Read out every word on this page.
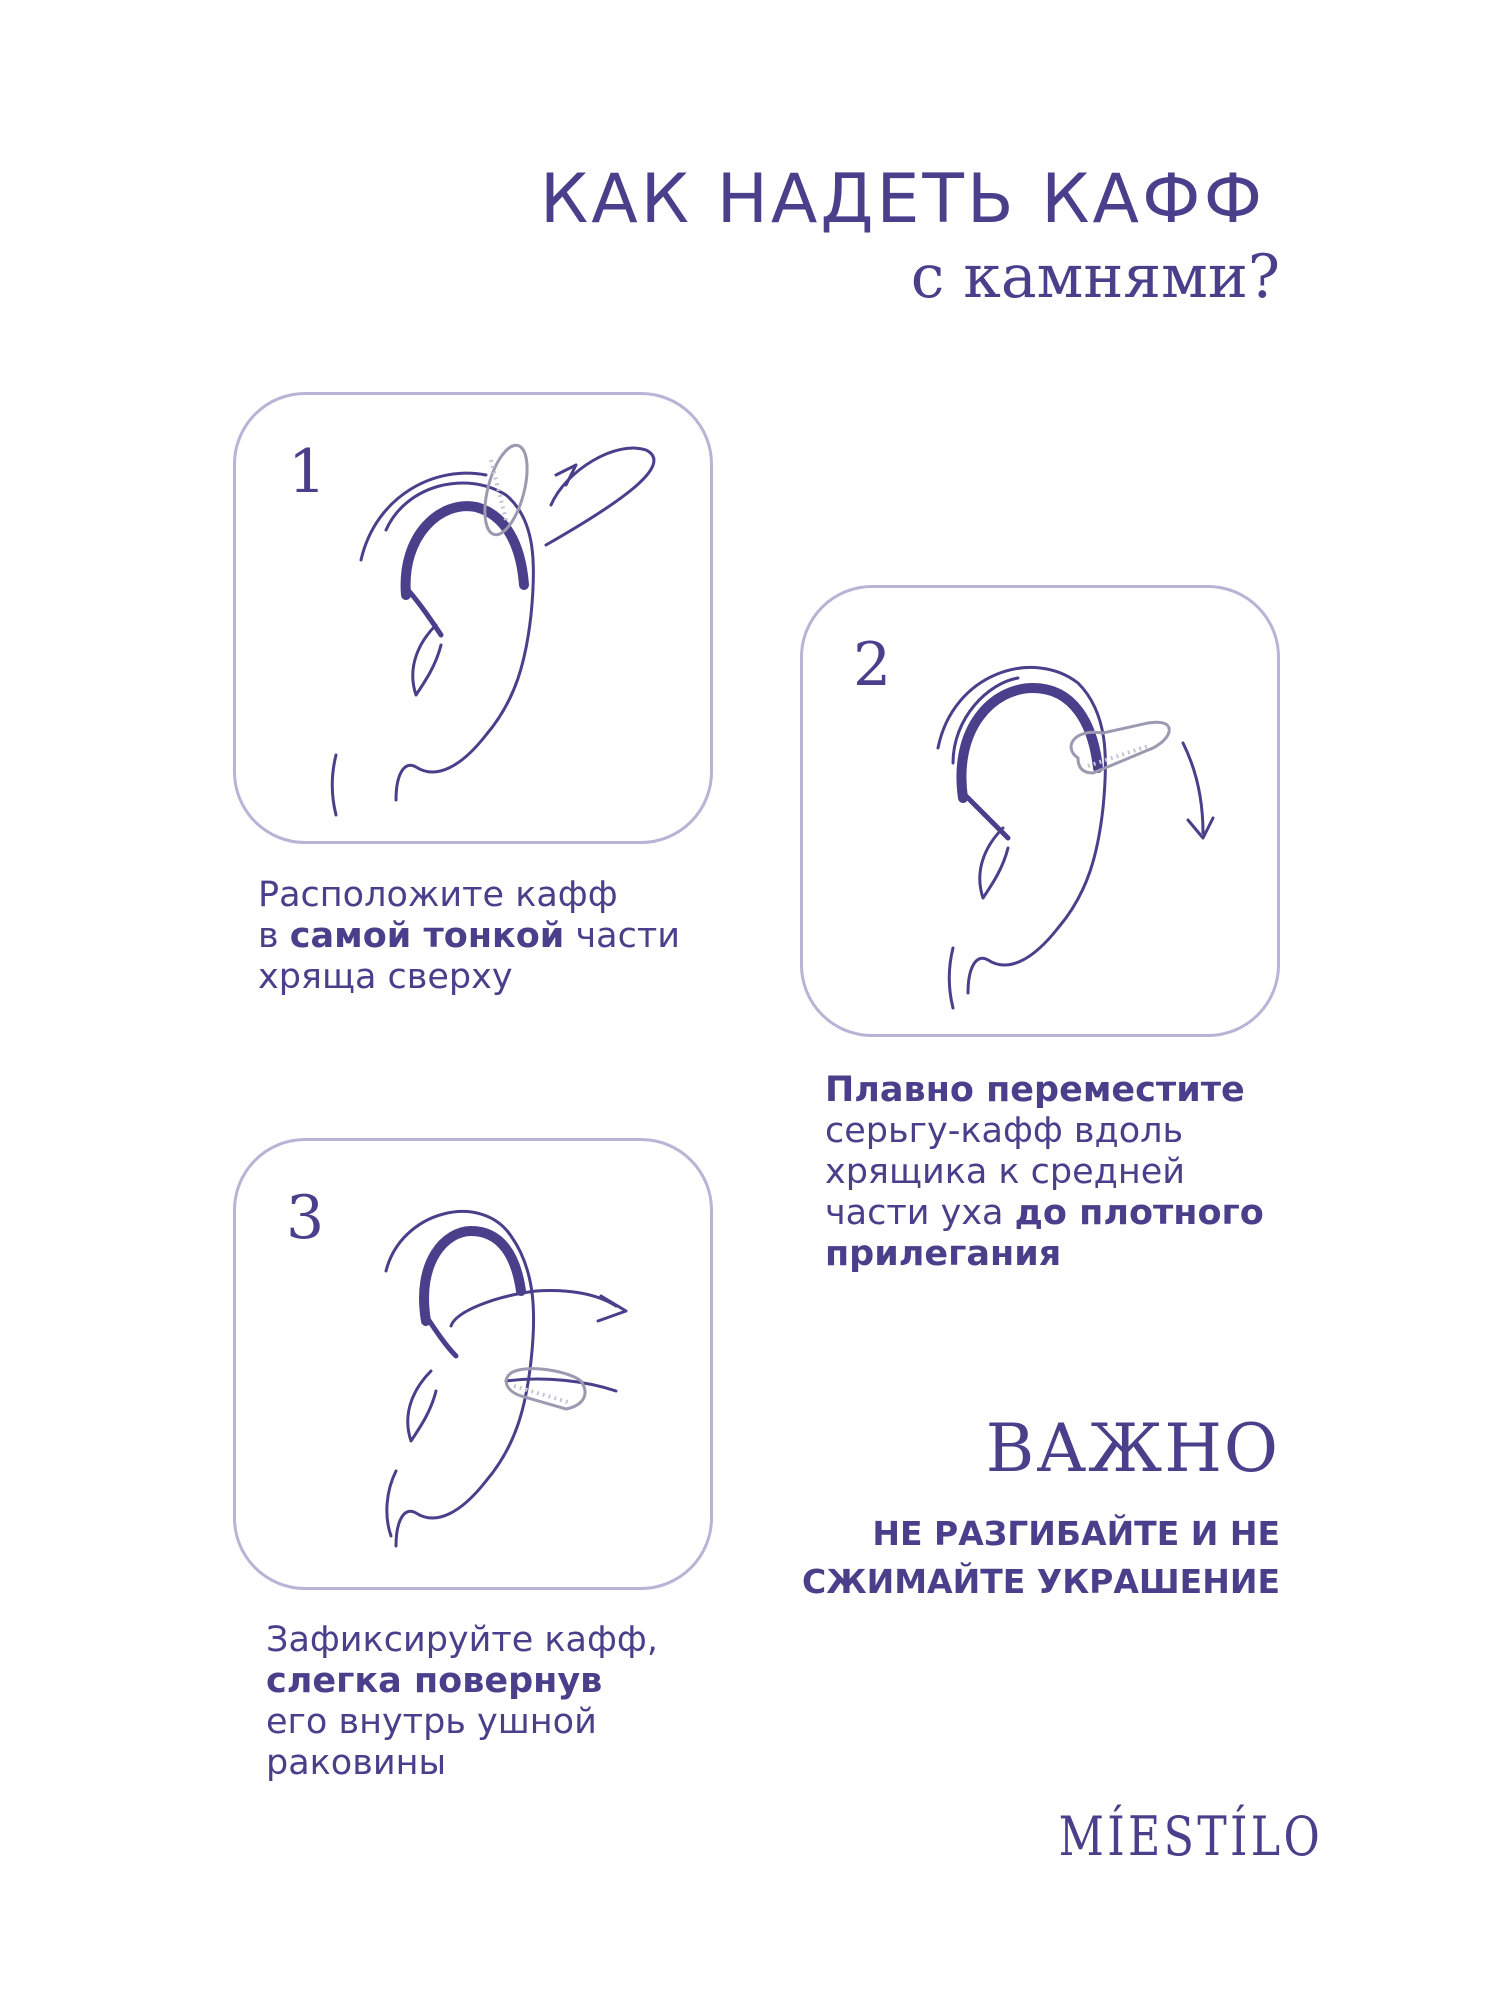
КАК НАДЕТЬ КАФФ
с камнями?
1
Расположите кафф
в самой тонкой части
хряща сверху
2
Плавно переместите
серьгу-кафф вдоль
хрящика к средней
части уха до плотного
прилегания
3
Зафиксируйте кафф,
слегка повернув
его внутрь ушной
раковины
ВАЖНО
НЕ РАЗГИБАЙТЕ И НЕ
СЖИМАЙТЕ УКРАШЕНИЕ
MÍESTÍLO
